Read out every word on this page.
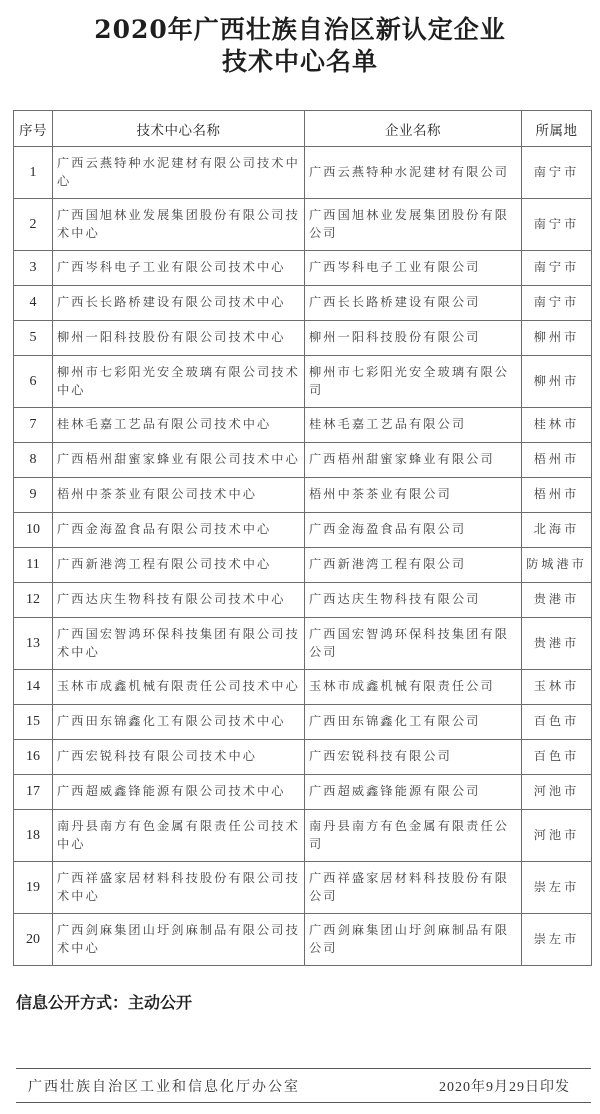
2020年广西壮族自治区新认定企业
技术中心名单
序号	技术中心名称	企业名称	所属地
1	广西云燕特种水泥建材有限公司技术中心	广西云燕特种水泥建材有限公司	南宁市
2	广西国旭林业发展集团股份有限公司技术中心	广西国旭林业发展集团股份有限公司	南宁市
3	广西岑科电子工业有限公司技术中心	广西岑科电子工业有限公司	南宁市
4	广西长长路桥建设有限公司技术中心	广西长长路桥建设有限公司	南宁市
5	柳州一阳科技股份有限公司技术中心	柳州一阳科技股份有限公司	柳州市
6	柳州市七彩阳光安全玻璃有限公司技术中心	柳州市七彩阳光安全玻璃有限公司	柳州市
7	桂林毛嘉工艺品有限公司技术中心	桂林毛嘉工艺品有限公司	桂林市
8	广西梧州甜蜜家蜂业有限公司技术中心	广西梧州甜蜜家蜂业有限公司	梧州市
9	梧州中茶茶业有限公司技术中心	梧州中茶茶业有限公司	梧州市
10	广西金海盈食品有限公司技术中心	广西金海盈食品有限公司	北海市
11	广西新港湾工程有限公司技术中心	广西新港湾工程有限公司	防城港市
12	广西达庆生物科技有限公司技术中心	广西达庆生物科技有限公司	贵港市
13	广西国宏智鸿环保科技集团有限公司技术中心	广西国宏智鸿环保科技集团有限公司	贵港市
14	玉林市成鑫机械有限责任公司技术中心	玉林市成鑫机械有限责任公司	玉林市
15	广西田东锦鑫化工有限公司技术中心	广西田东锦鑫化工有限公司	百色市
16	广西宏锐科技有限公司技术中心	广西宏锐科技有限公司	百色市
17	广西超威鑫锋能源有限公司技术中心	广西超威鑫锋能源有限公司	河池市
18	南丹县南方有色金属有限责任公司技术中心	南丹县南方有色金属有限责任公司	河池市
19	广西祥盛家居材料科技股份有限公司技术中心	广西祥盛家居材料科技股份有限公司	崇左市
20	广西剑麻集团山圩剑麻制品有限公司技术中心	广西剑麻集团山圩剑麻制品有限公司	崇左市
信息公开方式：主动公开
广西壮族自治区工业和信息化厅办公室	2020年9月29日印发
